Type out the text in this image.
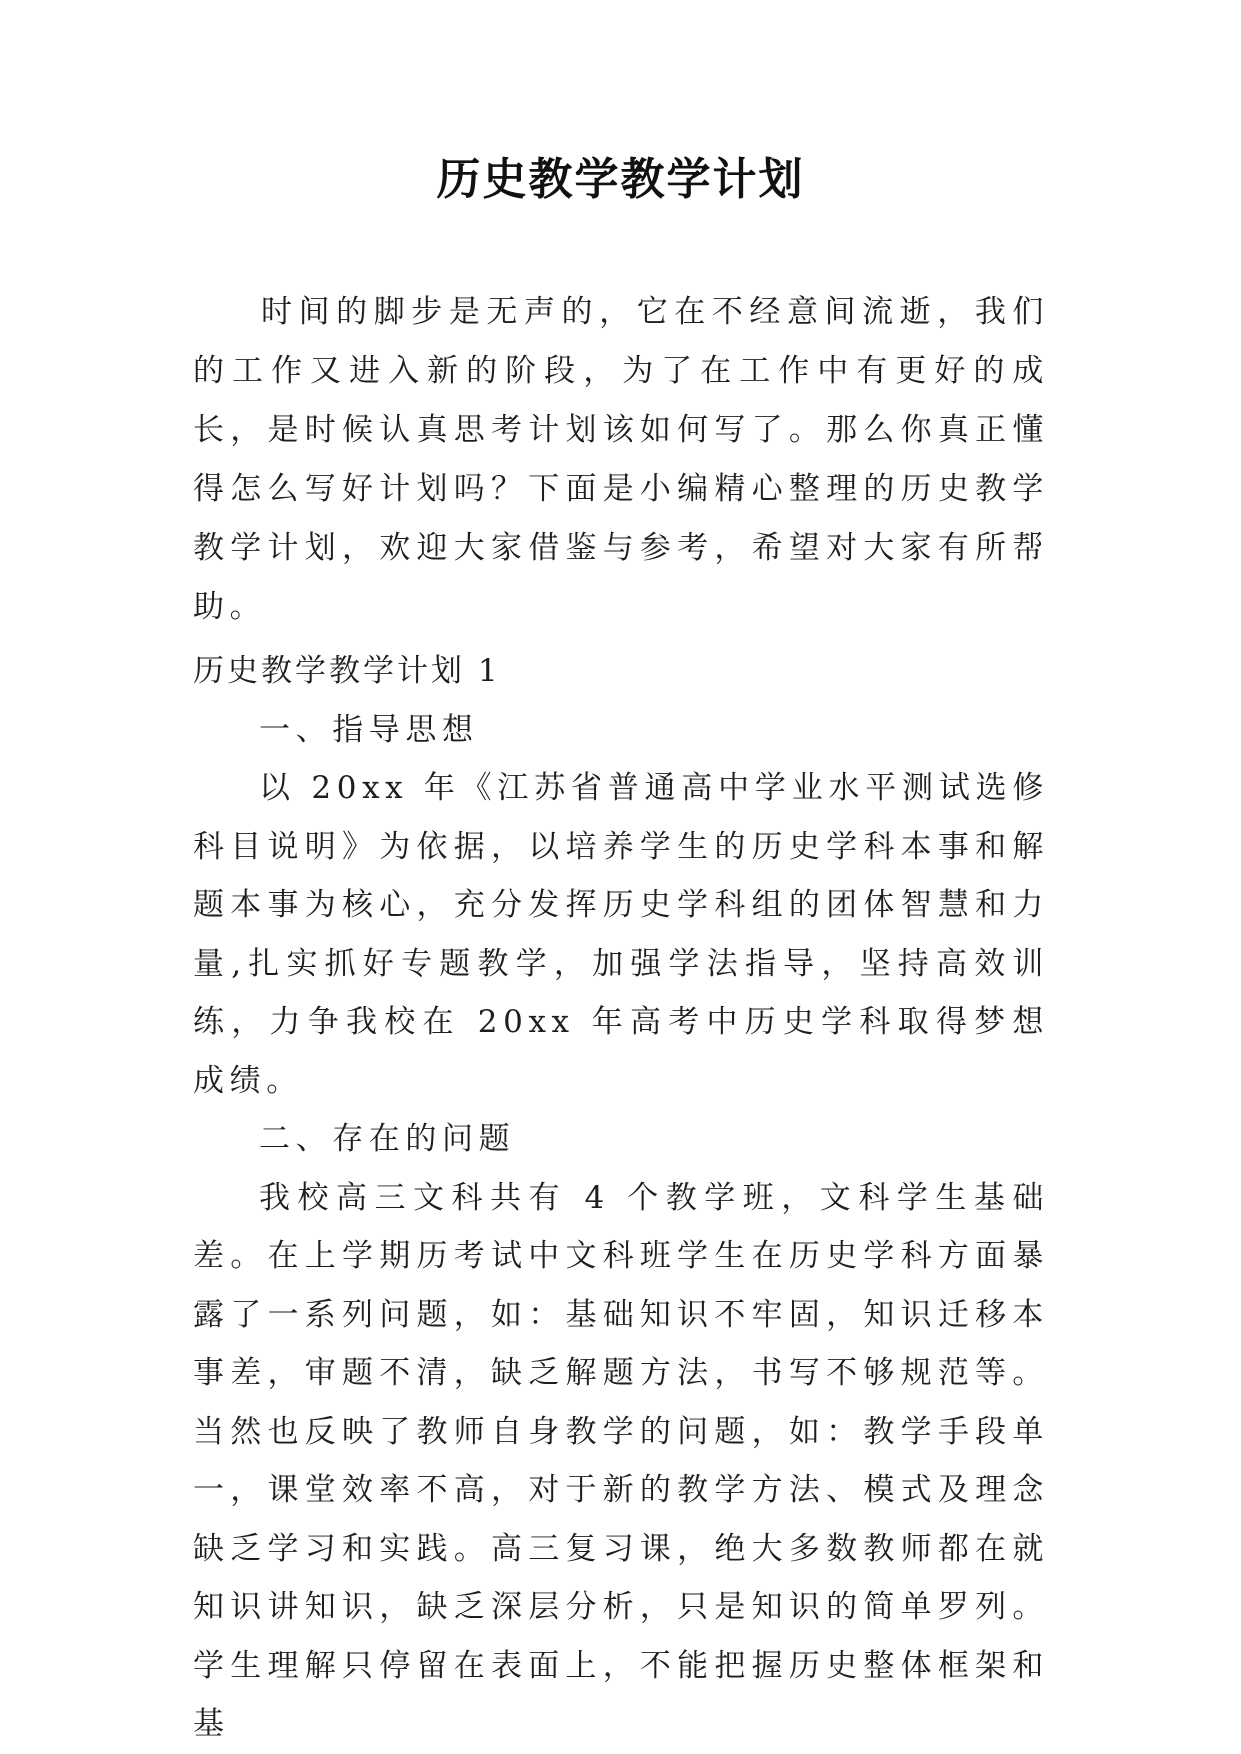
历史教学教学计划
时间的脚步是无声的，它在不经意间流逝，我们的工作又进入新的阶段，为了在工作中有更好的成长，是时候认真思考计划该如何写了。那么你真正懂得怎么写好计划吗？下面是小编精心整理的历史教学教学计划，欢迎大家借鉴与参考，希望对大家有所帮助。

历史教学教学计划 1

一、指导思想

以 20xx 年《江苏省普通高中学业水平测试选修科目说明》为依据，以培养学生的历史学科本事和解题本事为核心，充分发挥历史学科组的团体智慧和力量,扎实抓好专题教学，加强学法指导，坚持高效训练，力争我校在 20xx 年高考中历史学科取得梦想成绩。

二、存在的问题

我校高三文科共有 4 个教学班，文科学生基础差。在上学期历考试中文科班学生在历史学科方面暴露了一系列问题，如：基础知识不牢固，知识迁移本事差，审题不清，缺乏解题方法，书写不够规范等。当然也反映了教师自身教学的问题，如：教学手段单一，课堂效率不高，对于新的教学方法、模式及理念缺乏学习和实践。高三复习课，绝大多数教师都在就知识讲知识，缺乏深层分析，只是知识的简单罗列。学生理解只停留在表面上，不能把握历史整体框架和基
